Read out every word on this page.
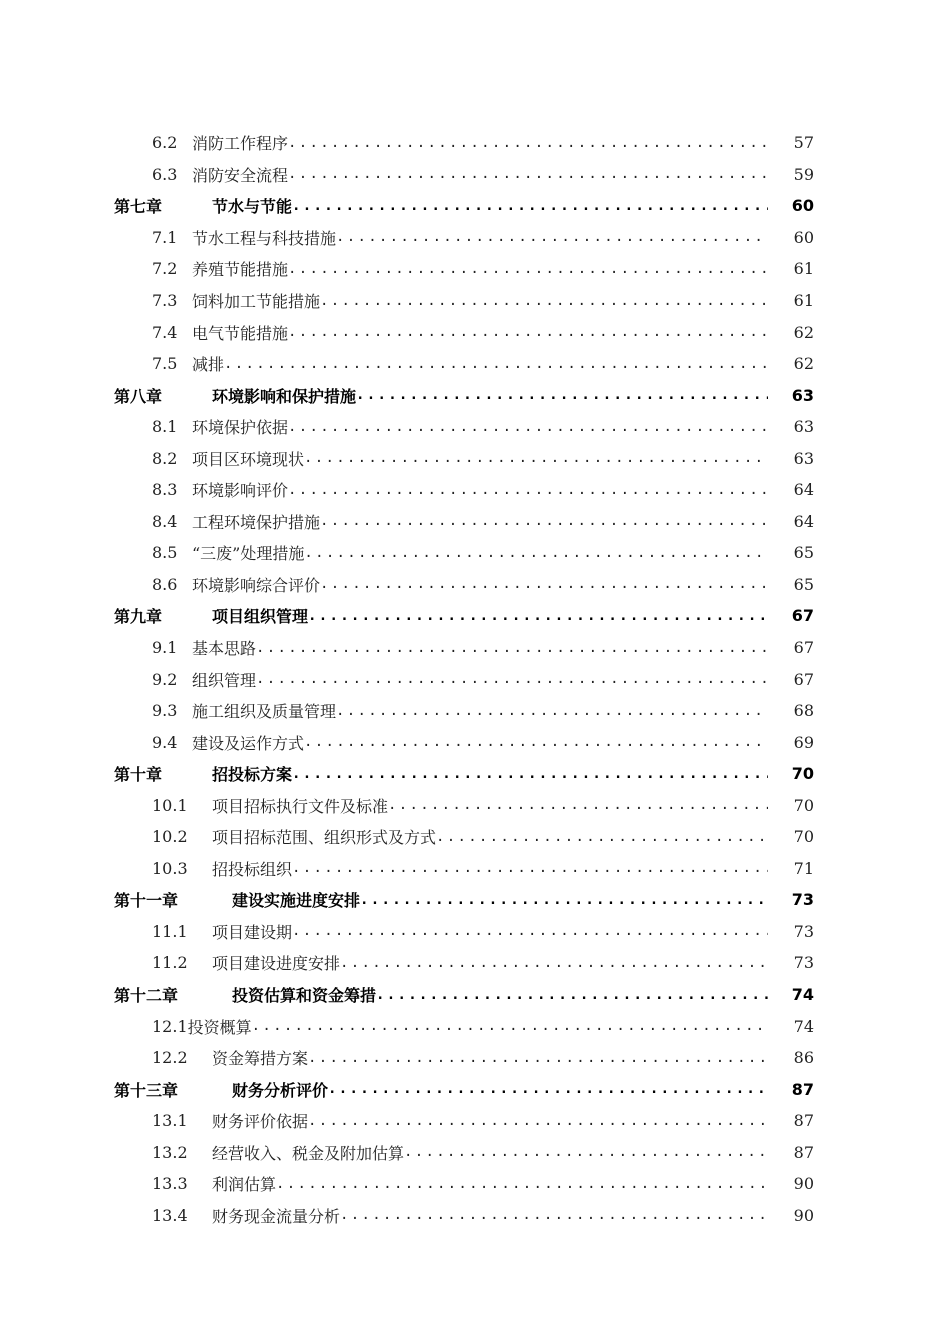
6.2 消防工作程序 .....	57
6.3 消防安全流程 .....	59
第七章	节水与节能 .....	60
7.1 节水工程与科技措施 .....	60
7.2 养殖节能措施 .....	61
7.3 饲料加工节能措施 .....	61
7.4 电气节能措施 .....	62
7.5 减排 .....	62
第八章	环境影响和保护措施 .....	63
8.1 环境保护依据 .....	63
8.2 项目区环境现状 .....	63
8.3 环境影响评价 .....	64
8.4 工程环境保护措施 .....	64
8.5 “三废”处理措施 .....	65
8.6 环境影响综合评价 .....	65
第九章	项目组织管理 .....	67
9.1 基本思路 .....	67
9.2 组织管理 .....	67
9.3 施工组织及质量管理 .....	68
9.4 建设及运作方式 .....	69
第十章	招投标方案 .....	70
10.1	项目招标执行文件及标准 .....	70
10.2	项目招标范围、组织形式及方式 .....	70
10.3	招投标组织 .....	71
第十一章	建设实施进度安排 .....	73
11.1	项目建设期 .....	73
11.2	项目建设进度安排 .....	73
第十二章	投资估算和资金筹措 .....	74
12.1 投资概算 .....	74
12.2	资金筹措方案 .....	86
第十三章	财务分析评价 .....	87
13.1	财务评价依据 .....	87
13.2	经营收入、税金及附加估算 .....	87
13.3	利润估算 .....	90
13.4	财务现金流量分析 .....	90
